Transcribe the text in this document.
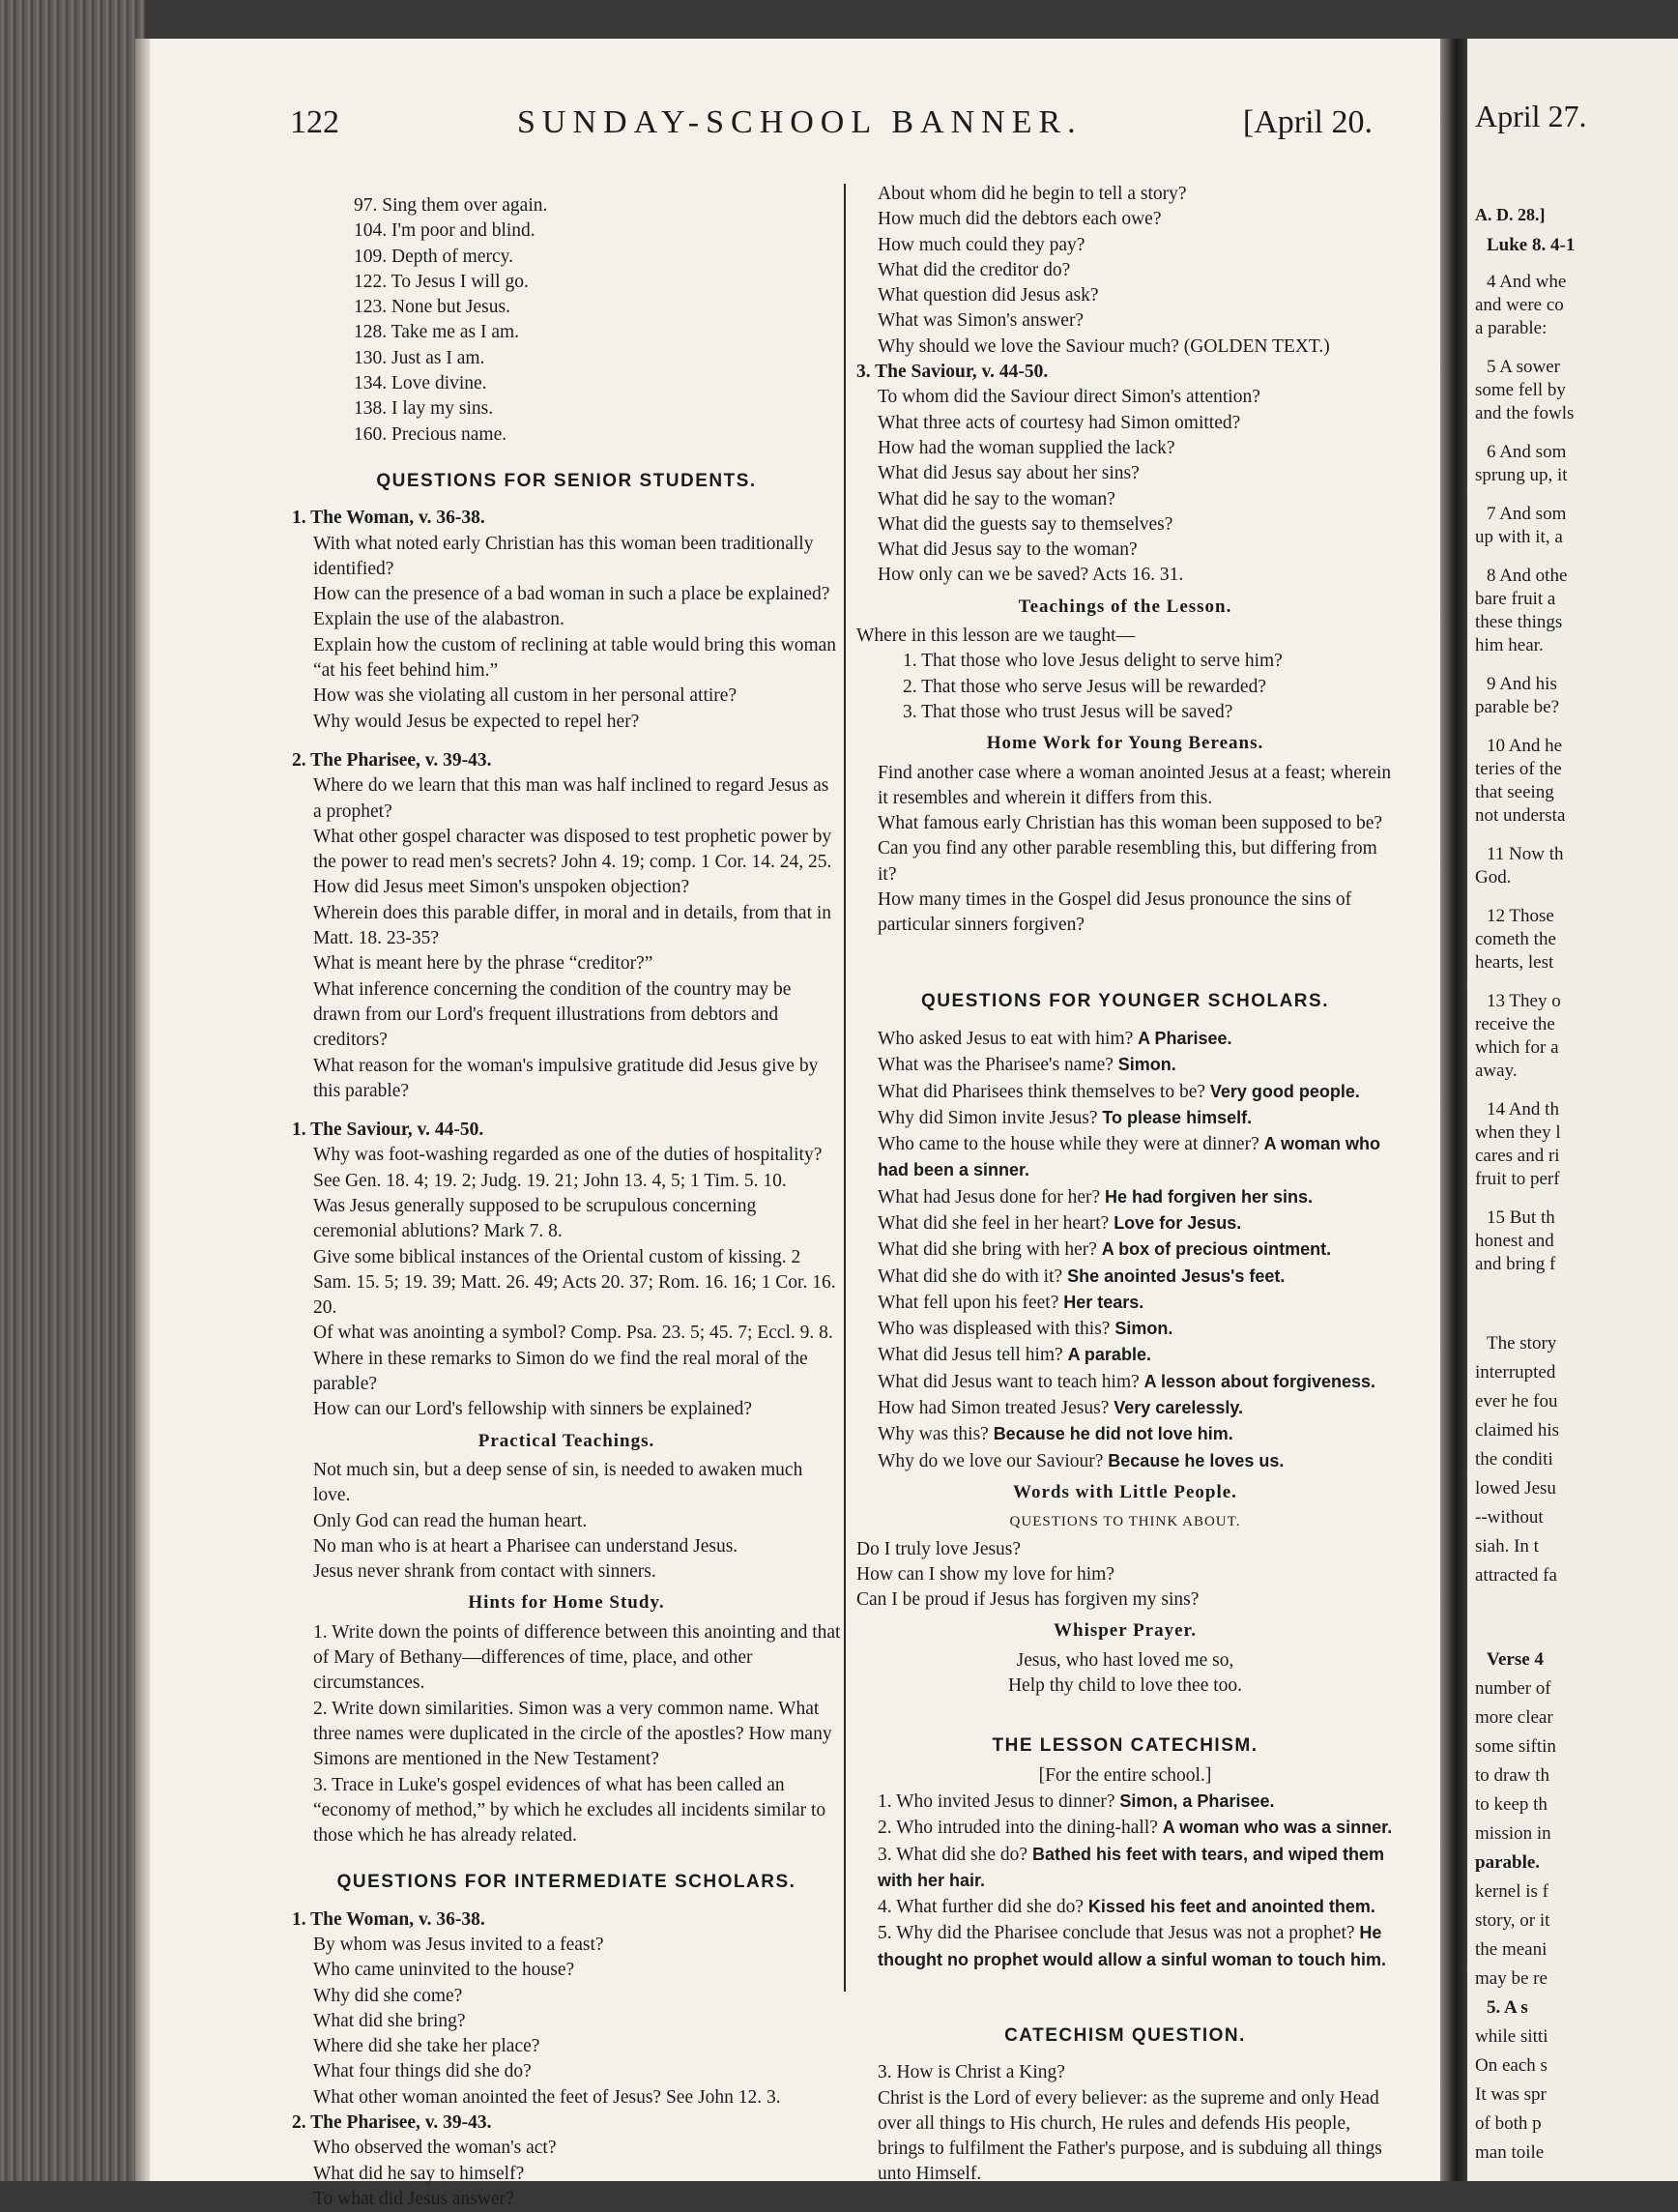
April 27.
A. D. 28.]
Luke 8. 4-1
4 And whe
and were co
a parable:
5 A sower
some fell by
and the fowls
6 And som
sprung up, it
7 And som
up with it, a
8 And othe
bare fruit a
these things
him hear.
9 And his
parable be?
10 And he
teries of the
that seeing
not understa
11 Now th
God.
12 Those
cometh the
hearts, lest
13 They o
receive the
which for a
away.
14 And th
when they l
cares and ri
fruit to perf
15 But th
honest and
and bring f
The story
interrupted
ever he fou
claimed his
the conditi
lowed Jesu
--without
siah. In t
attracted fa
Verse 4
number of
more clear
some siftin
to draw th
to keep th
mission in
parable.
kernel is f
story, or it
the meani
may be re
5. A s
while sitti
On each s
It was spr
of both p
man toile
122	SUNDAY-SCHOOL BANNER.	[April 20.

97. Sing them over again.

104. I'm poor and blind.

109. Depth of mercy.

122. To Jesus I will go.

123. None but Jesus.

128. Take me as I am.

130. Just as I am.

134. Love divine.

138. I lay my sins.

160. Precious name.

QUESTIONS FOR SENIOR STUDENTS.

1. The Woman, v. 36-38.

With what noted early Christian has this woman been traditionally identified?

How can the presence of a bad woman in such a place be explained?

Explain the use of the alabastron.

Explain how the custom of reclining at table would bring this woman “at his feet behind him.”

How was she violating all custom in her personal attire?

Why would Jesus be expected to repel her?

2. The Pharisee, v. 39-43.

Where do we learn that this man was half inclined to regard Jesus as a prophet?

What other gospel character was disposed to test prophetic power by the power to read men's secrets? John 4. 19; comp. 1 Cor. 14. 24, 25.

How did Jesus meet Simon's unspoken objection?

Wherein does this parable differ, in moral and in details, from that in Matt. 18. 23-35?

What is meant here by the phrase “creditor?”

What inference concerning the condition of the country may be drawn from our Lord's frequent illustrations from debtors and creditors?

What reason for the woman's impulsive gratitude did Jesus give by this parable?

1. The Saviour, v. 44-50.

Why was foot-washing regarded as one of the duties of hospitality? See Gen. 18. 4; 19. 2; Judg. 19. 21; John 13. 4, 5; 1 Tim. 5. 10.

Was Jesus generally supposed to be scrupulous concerning ceremonial ablutions? Mark 7. 8.

Give some biblical instances of the Oriental custom of kissing. 2 Sam. 15. 5; 19. 39; Matt. 26. 49; Acts 20. 37; Rom. 16. 16; 1 Cor. 16. 20.

Of what was anointing a symbol? Comp. Psa. 23. 5; 45. 7; Eccl. 9. 8.

Where in these remarks to Simon do we find the real moral of the parable?

How can our Lord's fellowship with sinners be explained?

Practical Teachings.

Not much sin, but a deep sense of sin, is needed to awaken much love.

Only God can read the human heart.

No man who is at heart a Pharisee can understand Jesus.

Jesus never shrank from contact with sinners.

Hints for Home Study.

1. Write down the points of difference between this anointing and that of Mary of Bethany—differences of time, place, and other circumstances.

2. Write down similarities. Simon was a very common name. What three names were duplicated in the circle of the apostles? How many Simons are mentioned in the New Testament?

3. Trace in Luke's gospel evidences of what has been called an “economy of method,” by which he excludes all incidents similar to those which he has already related.

QUESTIONS FOR INTERMEDIATE SCHOLARS.

1. The Woman, v. 36-38.

By whom was Jesus invited to a feast?

Who came uninvited to the house?

Why did she come?

What did she bring?

Where did she take her place?

What four things did she do?

What other woman anointed the feet of Jesus? See John 12. 3.

2. The Pharisee, v. 39-43.

Who observed the woman's act?

What did he say to himself?

To what did Jesus answer?

About whom did he begin to tell a story?

How much did the debtors each owe?

How much could they pay?

What did the creditor do?

What question did Jesus ask?

What was Simon's answer?

Why should we love the Saviour much? (GOLDEN TEXT.)

3. The Saviour, v. 44-50.

To whom did the Saviour direct Simon's attention?

What three acts of courtesy had Simon omitted?

How had the woman supplied the lack?

What did Jesus say about her sins?

What did he say to the woman?

What did the guests say to themselves?

What did Jesus say to the woman?

How only can we be saved? Acts 16. 31.

Teachings of the Lesson.

Where in this lesson are we taught—

1. That those who love Jesus delight to serve him?

2. That those who serve Jesus will be rewarded?

3. That those who trust Jesus will be saved?

Home Work for Young Bereans.

Find another case where a woman anointed Jesus at a feast; wherein it resembles and wherein it differs from this.

What famous early Christian has this woman been supposed to be?

Can you find any other parable resembling this, but differing from it?

How many times in the Gospel did Jesus pronounce the sins of particular sinners forgiven?

QUESTIONS FOR YOUNGER SCHOLARS.

Who asked Jesus to eat with him? A Pharisee.

What was the Pharisee's name? Simon.

What did Pharisees think themselves to be? Very good people.

Why did Simon invite Jesus? To please himself.

Who came to the house while they were at dinner? A woman who had been a sinner.

What had Jesus done for her? He had forgiven her sins.

What did she feel in her heart? Love for Jesus.

What did she bring with her? A box of precious ointment.

What did she do with it? She anointed Jesus's feet.

What fell upon his feet? Her tears.

Who was displeased with this? Simon.

What did Jesus tell him? A parable.

What did Jesus want to teach him? A lesson about forgiveness.

How had Simon treated Jesus? Very carelessly.

Why was this? Because he did not love him.

Why do we love our Saviour? Because he loves us.

Words with Little People.
QUESTIONS TO THINK ABOUT.

Do I truly love Jesus?

How can I show my love for him?

Can I be proud if Jesus has forgiven my sins?

Whisper Prayer.

Jesus, who hast loved me so,

Help thy child to love thee too.

THE LESSON CATECHISM.
[For the entire school.]

1. Who invited Jesus to dinner? Simon, a Pharisee.

2. Who intruded into the dining-hall? A woman who was a sinner.

3. What did she do? Bathed his feet with tears, and wiped them with her hair.

4. What further did she do? Kissed his feet and anointed them.

5. Why did the Pharisee conclude that Jesus was not a prophet? He thought no prophet would allow a sinful woman to touch him.

CATECHISM QUESTION.

3. How is Christ a King?

Christ is the Lord of every believer: as the supreme and only Head over all things to His church, He rules and defends His people, brings to fulfilment the Father's purpose, and is subduing all things unto Himself.
